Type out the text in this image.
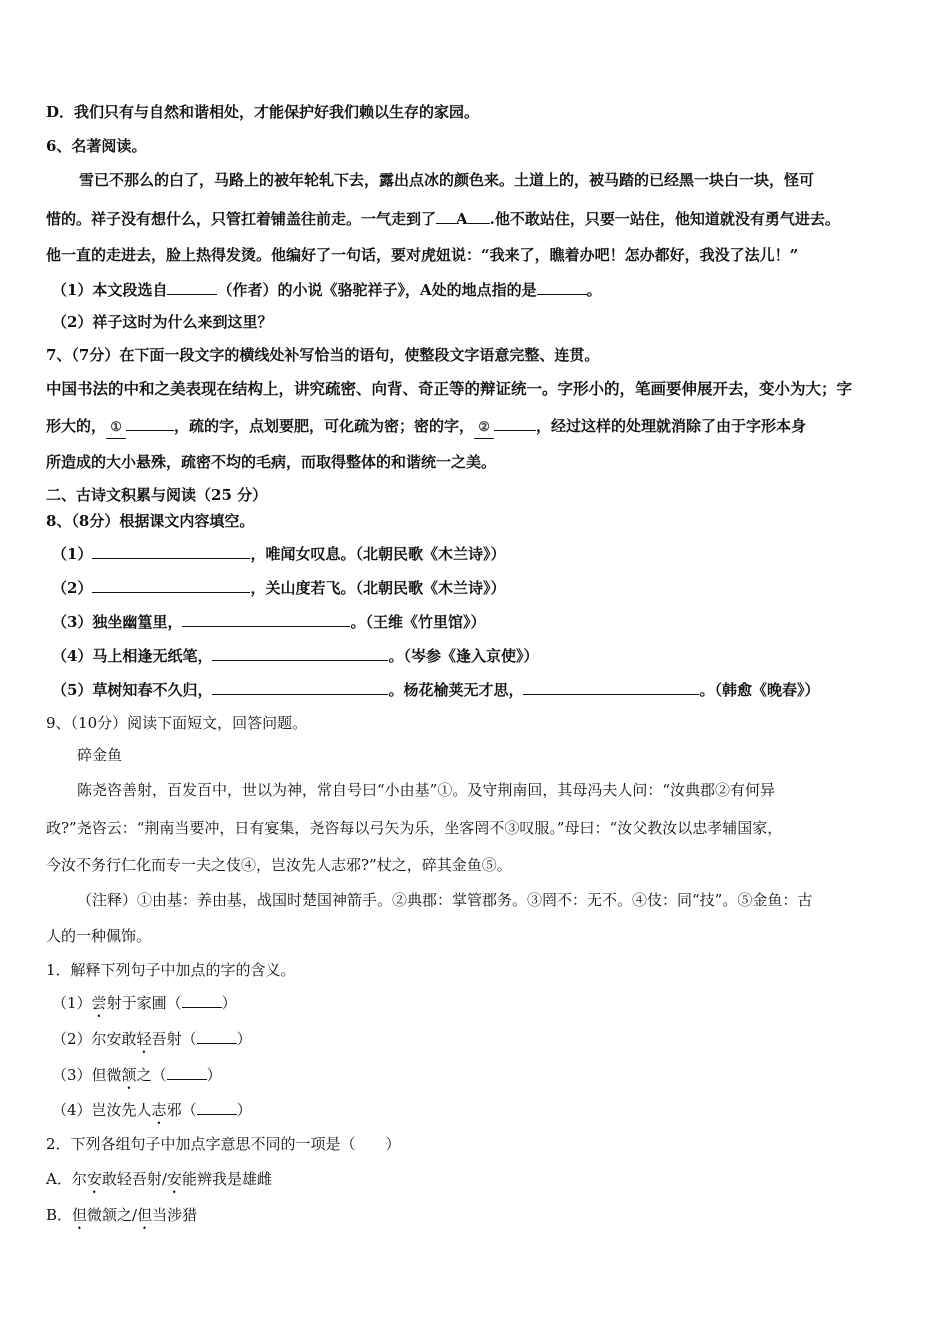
D．我们只有与自然和谐相处，才能保护好我们赖以生存的家园。
6、名著阅读。
雪已不那么的白了，马路上的被年轮轧下去，露出点冰的颜色来。土道上的，被马踏的已经黑一块白一块，怪可
惜的。祥子没有想什么，只管扛着铺盖往前走。一气走到了 A .他不敢站住，只要一站住，他知道就没有勇气进去。
他一直的走进去，脸上热得发烫。他编好了一句话，要对虎妞说：“我来了，瞧着办吧！怎办都好，我没了法儿！”
（1）本文段选自	（作者）的小说《骆驼祥子》，A处的地点指的是	。
（2）祥子这时为什么来到这里？
7、（7分）在下面一段文字的横线处补写恰当的语句，使整段文字语意完整、连贯。
中国书法的中和之美表现在结构上，讲究疏密、向背、奇正等的辩证统一。字形小的，笔画要伸展开去，变小为大；字
形大的， ①	，疏的字，点划要肥，可化疏为密；密的字， ②	，经过这样的处理就消除了由于字形本身
所造成的大小悬殊，疏密不均的毛病，而取得整体的和谐统一之美。
二、古诗文积累与阅读（25 分）
8、（8分）根据课文内容填空。
（1）	，唯闻女叹息。（北朝民歌《木兰诗》）
（2）	，关山度若飞。（北朝民歌《木兰诗》）
（3）独坐幽篁里，	。（王维《竹里馆》）
（4）马上相逢无纸笔，	。（岑参《逢入京使》）
（5）草树知春不久归，	。杨花榆荚无才思，	。（韩愈《晚春》）
9、（10分）阅读下面短文，回答问题。
碎金鱼
陈尧咨善射，百发百中，世以为神，常自号曰“小由基”①。及守荆南回，其母冯夫人问：“汝典郡②有何异
政?”尧咨云：“荆南当要冲，日有宴集，尧咨每以弓矢为乐，坐客罔不③叹服。”母曰：“汝父教汝以忠孝辅国家，
今汝不务行仁化而专一夫之伎④，岂汝先人志邪?”杖之，碎其金鱼⑤。
（注释）①由基：养由基，战国时楚国神箭手。②典郡：掌管郡务。③罔不：无不。④伎：同“技”。⑤金鱼：古
人的一种佩饰。
1．解释下列句子中加点的字的含义。
（1）尝射于家圃（	）
（2）尔安敢轻吾射（	）
（3）但微颔之（	）
（4）岂汝先人志邪（	）
2．下列各组句子中加点字意思不同的一项是（　　）
A．尔安敢轻吾射/安能辨我是雄雌
B．但微颔之/但当涉猎
